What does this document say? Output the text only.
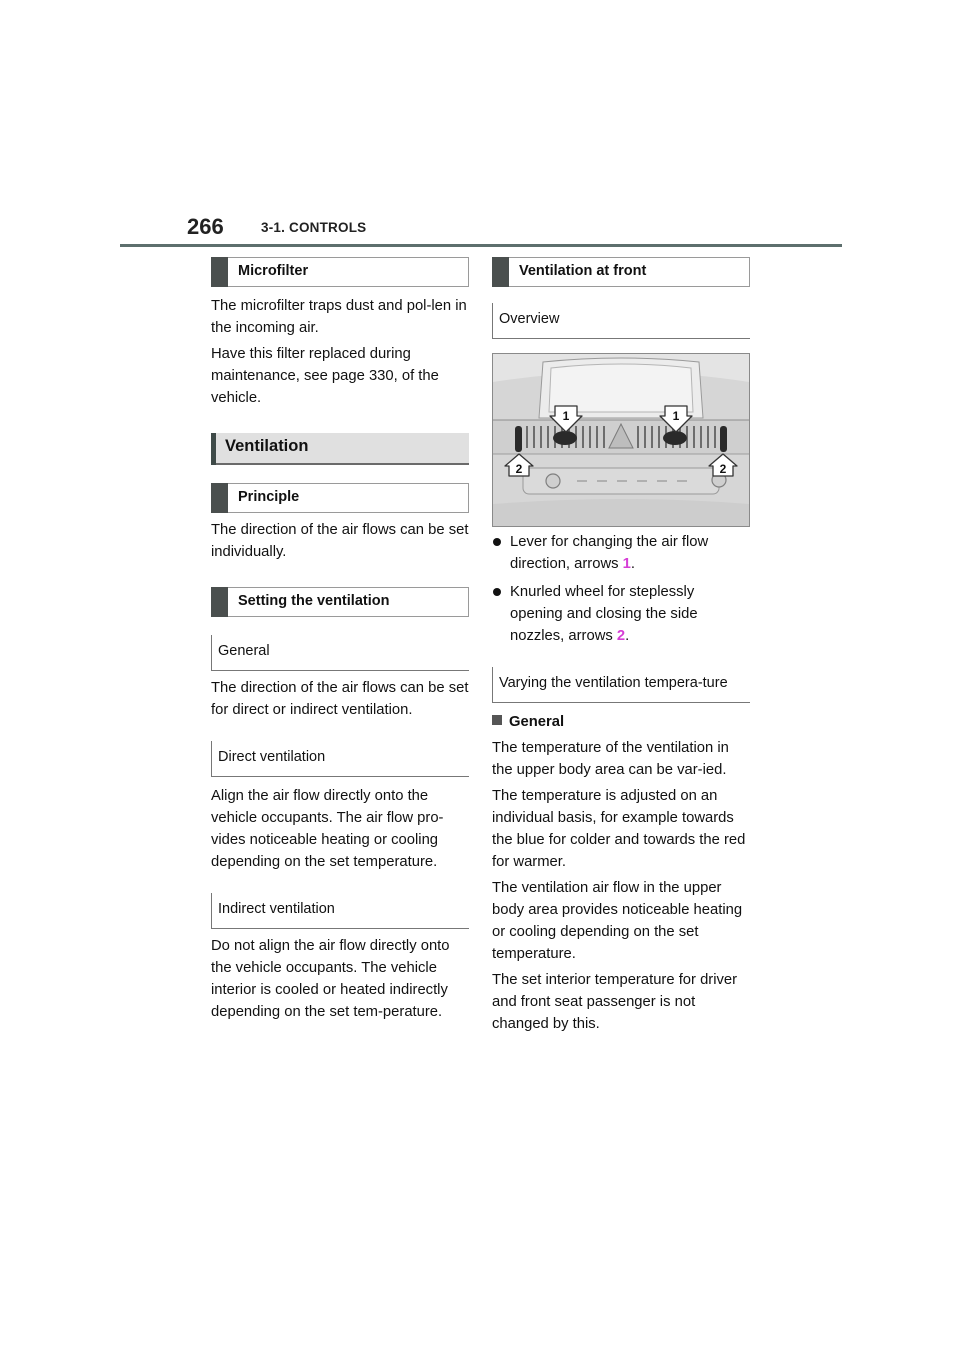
266	3-1. CONTROLS
Microfilter

The microfilter traps dust and pol-len in the incoming air.

Have this filter replaced during maintenance, see page 330, of the vehicle.

Ventilation
Principle

The direction of the air flows can be set individually.

Setting the ventilation
General

The direction of the air flows can be set for direct or indirect ventilation.

Direct ventilation

Align the air flow directly onto the vehicle occupants. The air flow pro-vides noticeable heating or cooling depending on the set temperature.

Indirect ventilation

Do not align the air flow directly onto the vehicle occupants. The vehicle interior is cooled or heated indirectly depending on the set tem-perature.

Ventilation at front
Overview
1	1
2	2
Lever for changing the air flow direction, arrows 1.
Knurled wheel for steplessly opening and closing the side nozzles, arrows 2.
Varying the ventilation tempera-ture
General

The temperature of the ventilation in the upper body area can be var-ied.

The temperature is adjusted on an individual basis, for example towards the blue for colder and towards the red for warmer.

The ventilation air flow in the upper body area provides noticeable heating or cooling depending on the set temperature.

The set interior temperature for driver and front seat passenger is not changed by this.
